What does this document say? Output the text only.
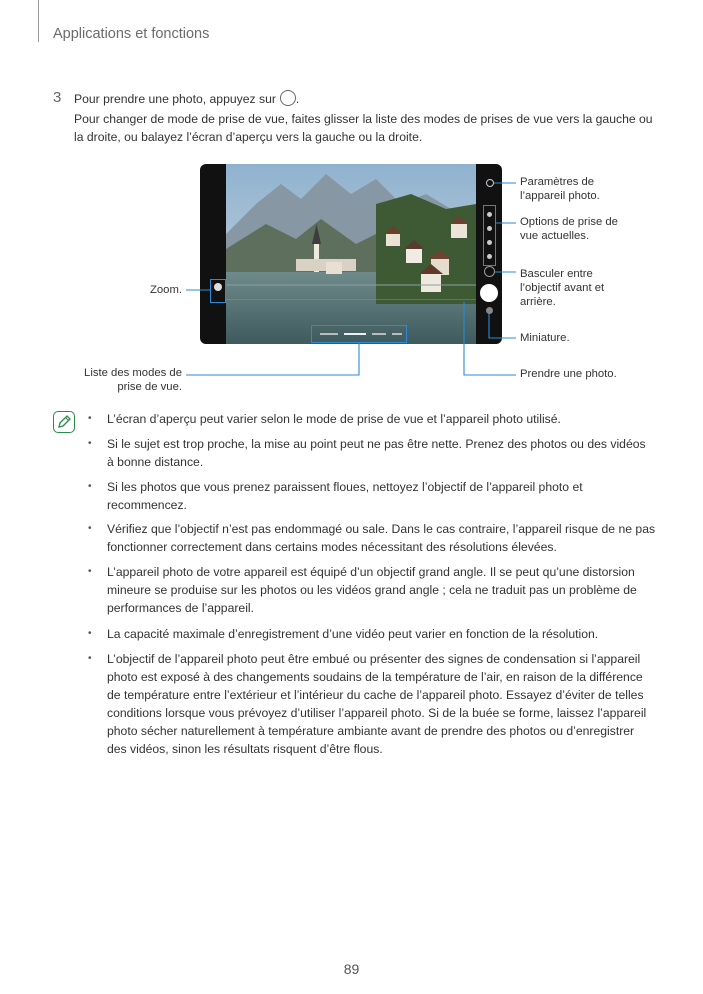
Applications et fonctions
3 Pour prendre une photo, appuyez sur .
Pour changer de mode de prise de vue, faites glisser la liste des modes de prises de vue vers la gauche ou
la droite, ou balayez l’écran d’aperçu vers la gauche ou la droite.
Paramètres de
l’appareil photo.
Options de prise de
vue actuelles.
Basculer entre
l’objectif avant et
arrière.
Miniature.
Prendre une photo.
Zoom.
Liste des modes de
prise de vue.
• L’écran d’aperçu peut varier selon le mode de prise de vue et l’appareil photo utilisé.
• Si le sujet est trop proche, la mise au point peut ne pas être nette. Prenez des photos ou des vidéos
à bonne distance.
• Si les photos que vous prenez paraissent floues, nettoyez l’objectif de l’appareil photo et
recommencez.
• Vérifiez que l’objectif n’est pas endommagé ou sale. Dans le cas contraire, l’appareil risque de ne pas
fonctionner correctement dans certains modes nécessitant des résolutions élevées.
• L’appareil photo de votre appareil est équipé d’un objectif grand angle. Il se peut qu’une distorsion
mineure se produise sur les photos ou les vidéos grand angle ; cela ne traduit pas un problème de
performances de l’appareil.
• La capacité maximale d’enregistrement d’une vidéo peut varier en fonction de la résolution.
• L’objectif de l’appareil photo peut être embué ou présenter des signes de condensation si l’appareil
photo est exposé à des changements soudains de la température de l’air, en raison de la différence
de température entre l’extérieur et l’intérieur du cache de l’appareil photo. Essayez d’éviter de telles
conditions lorsque vous prévoyez d’utiliser l’appareil photo. Si de la buée se forme, laissez l’appareil
photo sécher naturellement à température ambiante avant de prendre des photos ou d’enregistrer
des vidéos, sinon les résultats risquent d’être flous.
89
